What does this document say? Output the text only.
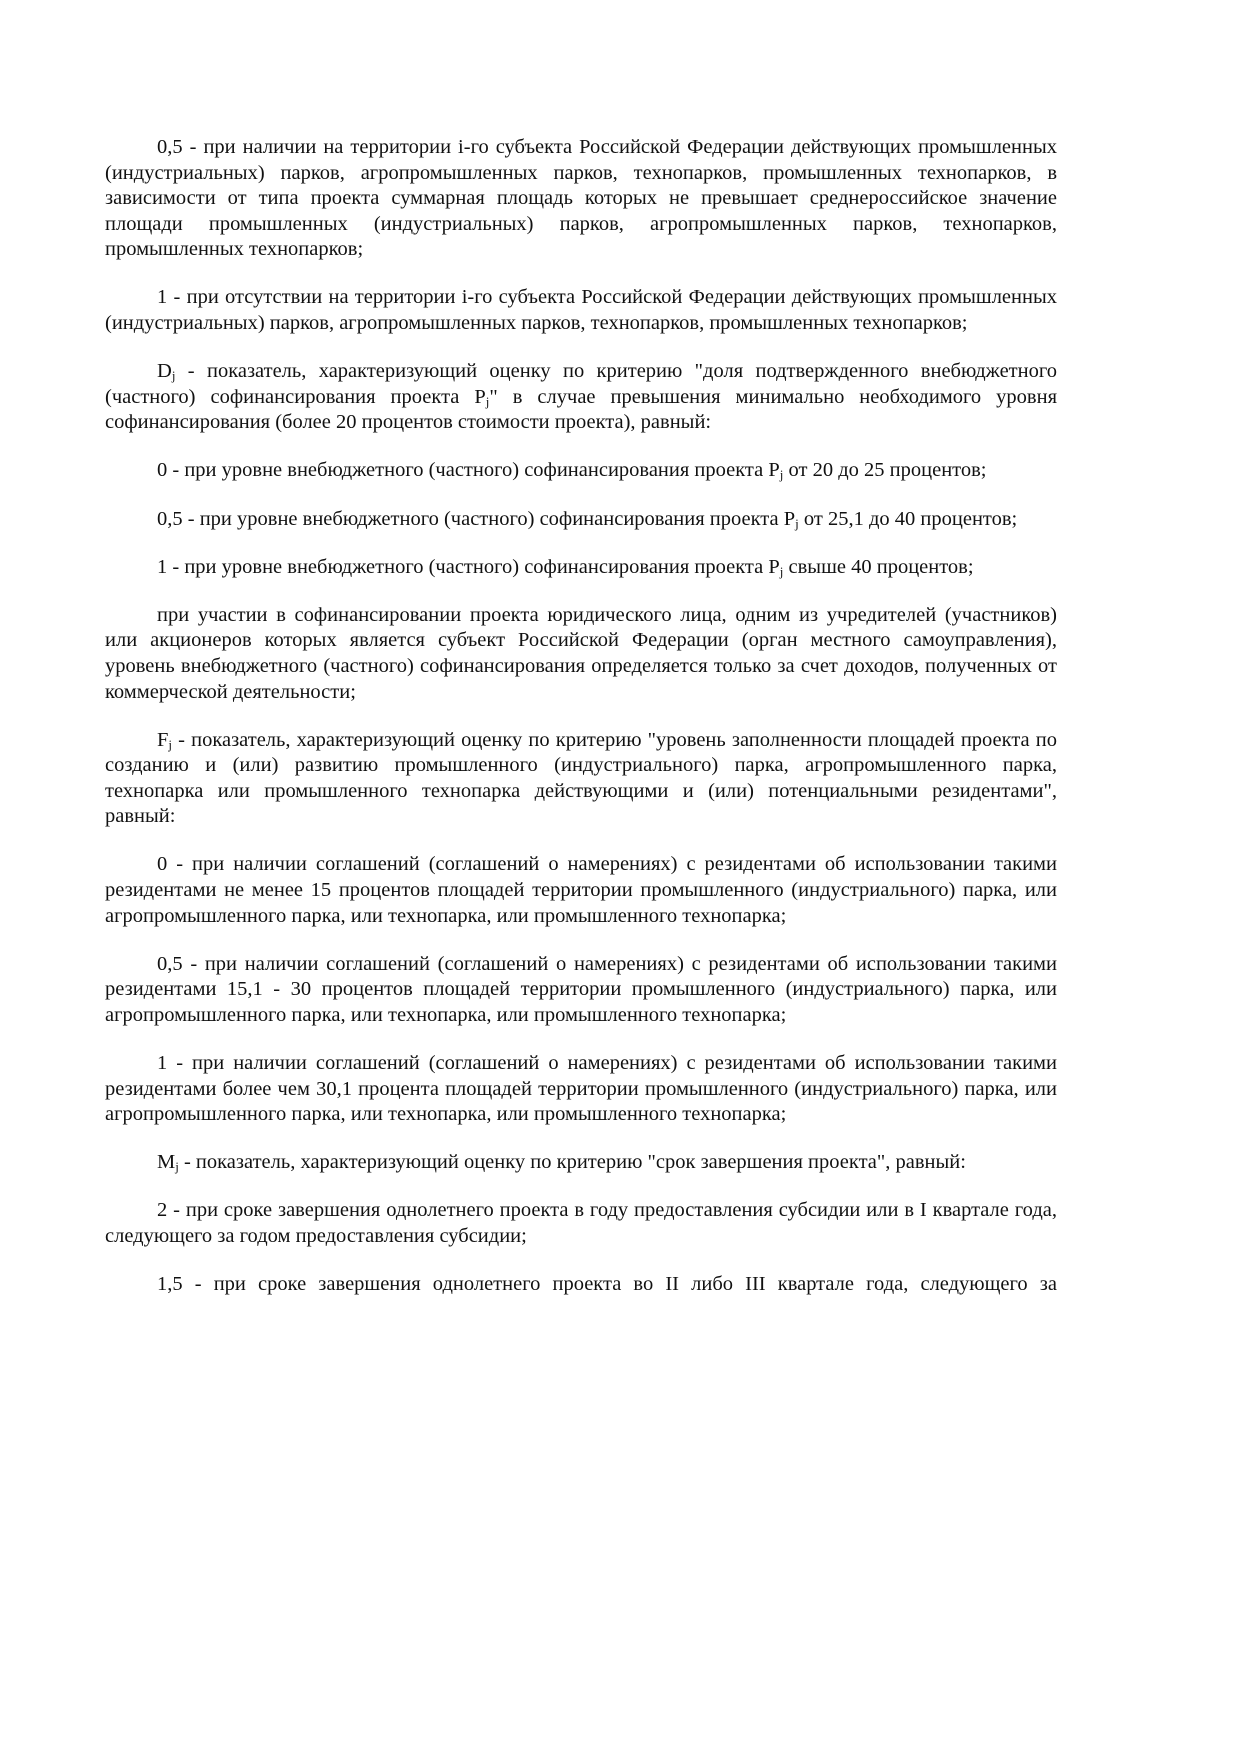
0,5 - при наличии на территории i-го субъекта Российской Федерации действующих промышленных (индустриальных) парков, агропромышленных парков, технопарков, промышленных технопарков, в зависимости от типа проекта суммарная площадь которых не превышает среднероссийское значение площади промышленных (индустриальных) парков, агропромышленных парков, технопарков, промышленных технопарков;

1 - при отсутствии на территории i-го субъекта Российской Федерации действующих промышленных (индустриальных) парков, агропромышленных парков, технопарков, промышленных технопарков;

$D_j$ - показатель, характеризующий оценку по критерию "доля подтвержденного внебюджетного (частного) софинансирования проекта $P_j$" в случае превышения минимально необходимого уровня софинансирования (более 20 процентов стоимости проекта), равный:

0 - при уровне внебюджетного (частного) софинансирования проекта $P_j$ от 20 до 25 процентов;

0,5 - при уровне внебюджетного (частного) софинансирования проекта $P_j$ от 25,1 до 40 процентов;

1 - при уровне внебюджетного (частного) софинансирования проекта $P_j$ свыше 40 процентов;

при участии в софинансировании проекта юридического лица, одним из учредителей (участников) или акционеров которых является субъект Российской Федерации (орган местного самоуправления), уровень внебюджетного (частного) софинансирования определяется только за счет доходов, полученных от коммерческой деятельности;

$F_j$ - показатель, характеризующий оценку по критерию "уровень заполненности площадей проекта по созданию и (или) развитию промышленного (индустриального) парка, агропромышленного парка, технопарка или промышленного технопарка действующими и (или) потенциальными резидентами", равный:

0 - при наличии соглашений (соглашений о намерениях) с резидентами об использовании такими резидентами не менее 15 процентов площадей территории промышленного (индустриального) парка, или агропромышленного парка, или технопарка, или промышленного технопарка;

0,5 - при наличии соглашений (соглашений о намерениях) с резидентами об использовании такими резидентами 15,1 - 30 процентов площадей территории промышленного (индустриального) парка, или агропромышленного парка, или технопарка, или промышленного технопарка;

1 - при наличии соглашений (соглашений о намерениях) с резидентами об использовании такими резидентами более чем 30,1 процента площадей территории промышленного (индустриального) парка, или агропромышленного парка, или технопарка, или промышленного технопарка;

$M_j$ - показатель, характеризующий оценку по критерию "срок завершения проекта", равный:

2 - при сроке завершения однолетнего проекта в году предоставления субсидии или в I квартале года, следующего за годом предоставления субсидии;

1,5 - при сроке завершения однолетнего проекта во II либо III квартале года, следующего за
